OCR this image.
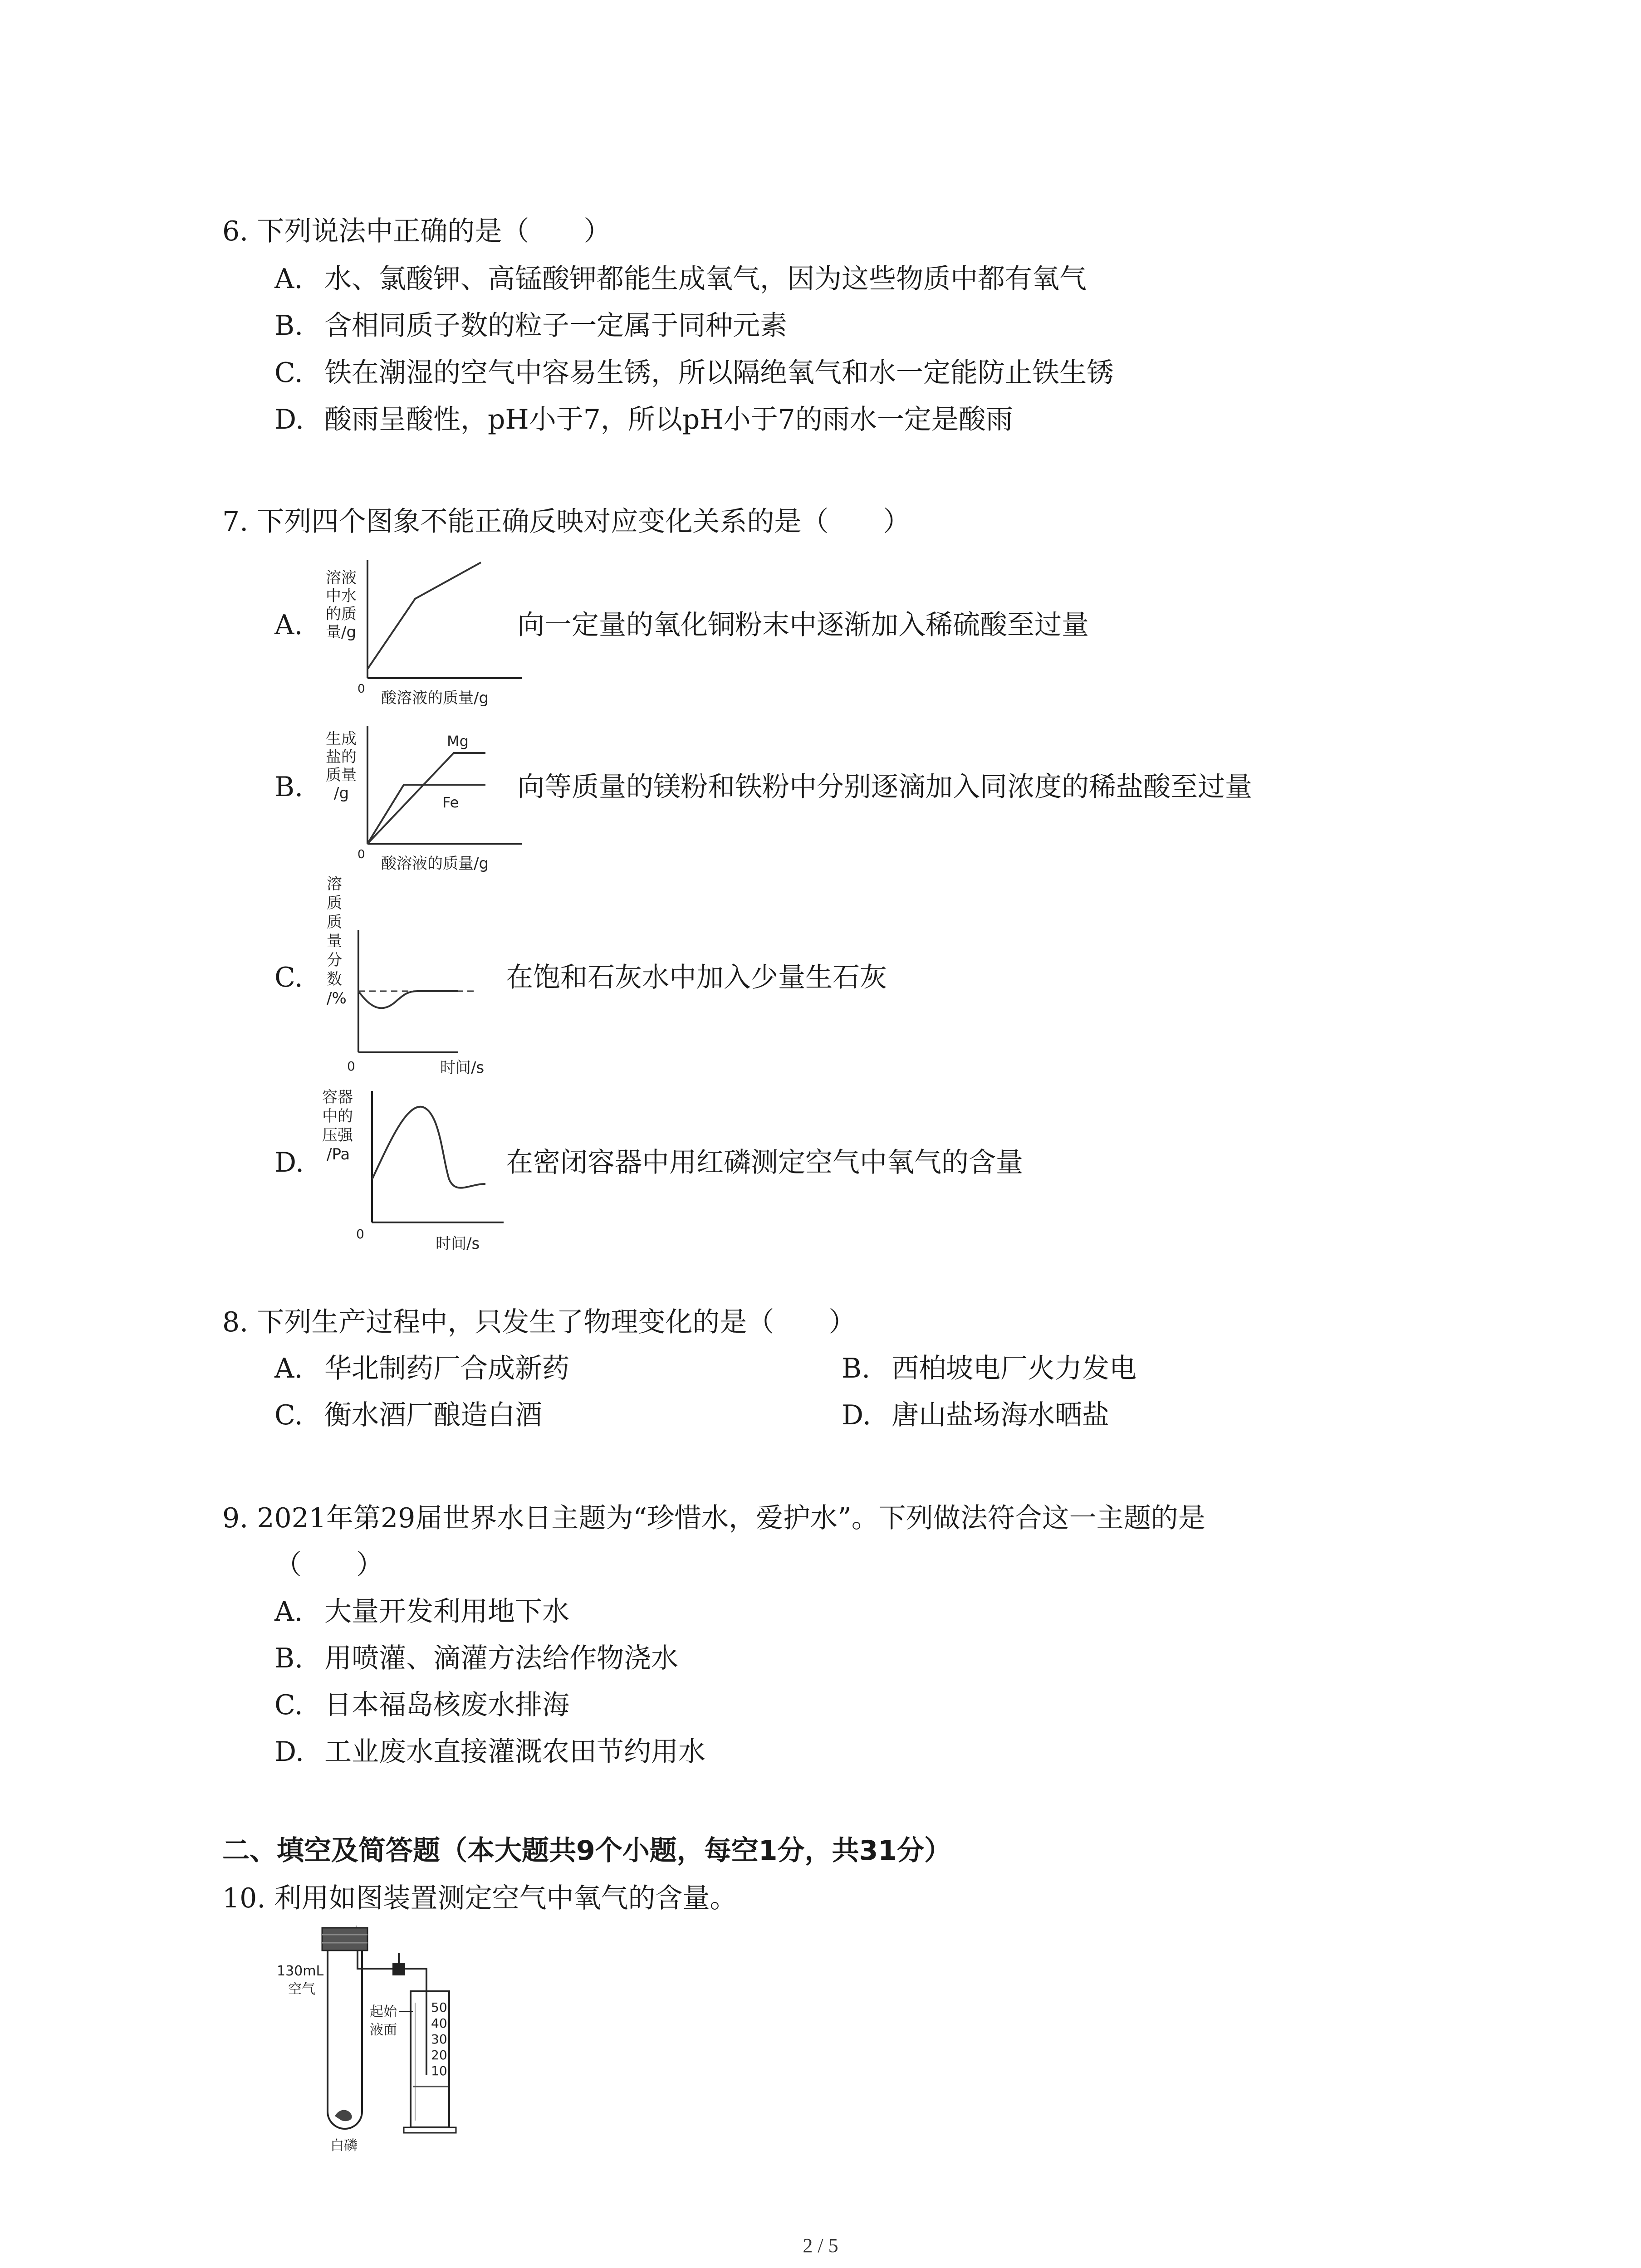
6. 下列说法中正确的是（　　）
A. 水、氯酸钾、高锰酸钾都能生成氧气，因为这些物质中都有氧气
B. 含相同质子数的粒子一定属于同种元素
C. 铁在潮湿的空气中容易生锈，所以隔绝氧气和水一定能防止铁生锈
D. 酸雨呈酸性，pH小于7，所以pH小于7的雨水一定是酸雨
7. 下列四个图象不能正确反映对应变化关系的是（　　）
A.
溶液
中水
的质
量/g
0 酸溶液的质量/g
向一定量的氧化铜粉末中逐渐加入稀硫酸至过量
B.
Mg
Fe
生成
盐的
质量
/g
0 酸溶液的质量/g
向等质量的镁粉和铁粉中分别逐滴加入同浓度的稀盐酸至过量
C.
溶
质
质
量
分
数
/%
0	时间/s
在饱和石灰水中加入少量生石灰
D.
容器
中的
压强
/Pa
0
时间/s
在密闭容器中用红磷测定空气中氧气的含量
8. 下列生产过程中，只发生了物理变化的是（　　）
A. 华北制药厂合成新药	B. 西柏坡电厂火力发电
C. 衡水酒厂酿造白酒	D. 唐山盐场海水晒盐
9. 2021年第29届世界水日主题为“珍惜水，爱护水”。下列做法符合这一主题的是
（　　）
A. 大量开发利用地下水
B. 用喷灌、滴灌方法给作物浇水
C. 日本福岛核废水排海
D. 工业废水直接灌溉农田节约用水
二、填空及简答题（本大题共9个小题，每空1分，共31分）
10. 利用如图装置测定空气中氧气的含量。
50
40
30
20
10
130mL
空气
起始
液面
白磷
2 / 5
